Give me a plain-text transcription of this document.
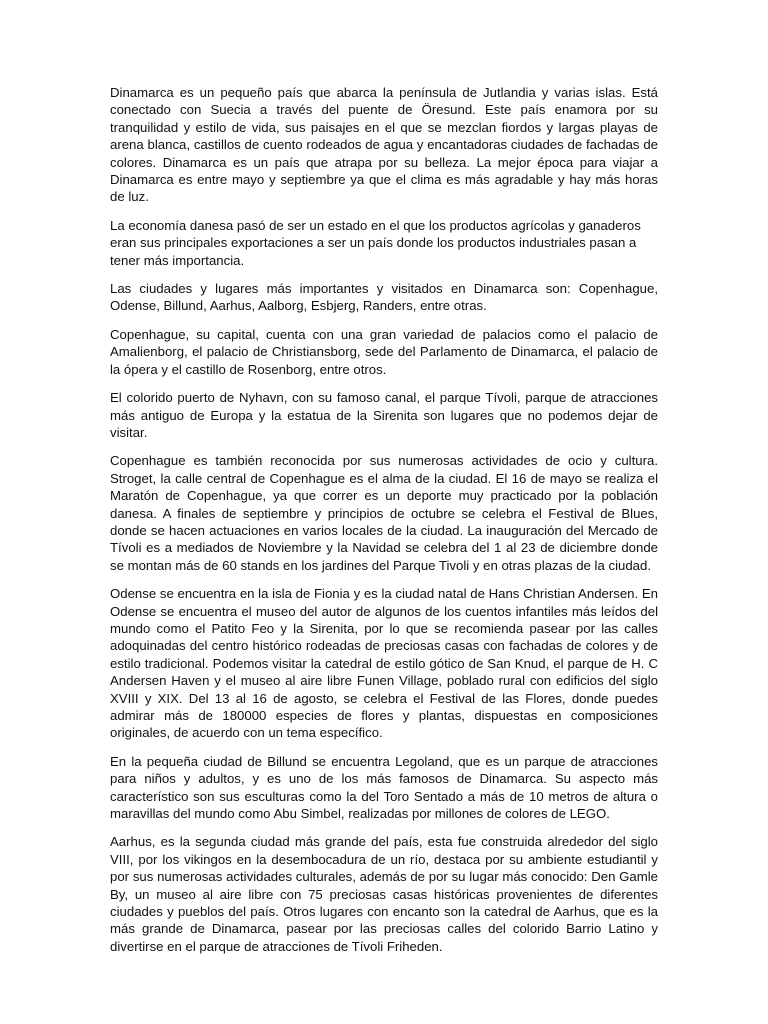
Dinamarca es un pequeño país que abarca la península de Jutlandia y varias islas. Está conectado con Suecia a través del puente de Öresund. Este país enamora por su tranquilidad y estilo de vida, sus paisajes en el que se mezclan fiordos y largas playas de arena blanca, castillos de cuento rodeados de agua y encantadoras ciudades de fachadas de colores. Dinamarca es un país que atrapa por su belleza. La mejor época para viajar a Dinamarca es entre mayo y septiembre ya que el clima es más agradable y hay más horas de luz.

La economía danesa pasó de ser un estado en el que los productos agrícolas y ganaderos eran sus principales exportaciones a ser un país donde los productos industriales pasan a tener más importancia.

Las ciudades y lugares más importantes y visitados en Dinamarca son: Copenhague, Odense, Billund, Aarhus, Aalborg, Esbjerg, Randers, entre otras.

Copenhague, su capital, cuenta con una gran variedad de palacios como el palacio de Amalienborg, el palacio de Christiansborg, sede del Parlamento de Dinamarca, el palacio de la ópera y el castillo de Rosenborg, entre otros.

El colorido puerto de Nyhavn, con su famoso canal, el parque Tívoli, parque de atracciones más antiguo de Europa y la estatua de la Sirenita son lugares que no podemos dejar de visitar.

Copenhague es también reconocida por sus numerosas actividades de ocio y cultura. Stroget, la calle central de Copenhague es el alma de la ciudad. El 16 de mayo se realiza el Maratón de Copenhague, ya que correr es un deporte muy practicado por la población danesa. A finales de septiembre y principios de octubre se celebra el Festival de Blues, donde se hacen actuaciones en varios locales de la ciudad. La inauguración del Mercado de Tívoli es a mediados de Noviembre y la Navidad se celebra del 1 al 23 de diciembre donde se montan más de 60 stands en los jardines del Parque Tivoli y en otras plazas de la ciudad.

Odense se encuentra en la isla de Fionia y es la ciudad natal de Hans Christian Andersen. En Odense se encuentra el museo del autor de algunos de los cuentos infantiles más leídos del mundo como el Patito Feo y la Sirenita, por lo que se recomienda pasear por las calles adoquinadas del centro histórico rodeadas de preciosas casas con fachadas de colores y de estilo tradicional. Podemos visitar la catedral de estilo gótico de San Knud, el parque de H. C Andersen Haven y el museo al aire libre Funen Village, poblado rural con edificios del siglo XVIII y XIX. Del 13 al 16 de agosto, se celebra el Festival de las Flores, donde puedes admirar más de 180000 especies de flores y plantas, dispuestas en composiciones originales, de acuerdo con un tema específico.

En la pequeña ciudad de Billund se encuentra Legoland, que es un parque de atracciones para niños y adultos, y es uno de los más famosos de Dinamarca. Su aspecto más característico son sus esculturas como la del Toro Sentado a más de 10 metros de altura o maravillas del mundo como Abu Simbel, realizadas por millones de colores de LEGO.

Aarhus, es la segunda ciudad más grande del país, esta fue construida alrededor del siglo VIII, por los vikingos en la desembocadura de un río, destaca por su ambiente estudiantil y por sus numerosas actividades culturales, además de por su lugar más conocido: Den Gamle By, un museo al aire libre con 75 preciosas casas históricas provenientes de diferentes ciudades y pueblos del país. Otros lugares con encanto son la catedral de Aarhus, que es la más grande de Dinamarca, pasear por las preciosas calles del colorido Barrio Latino y divertirse en el parque de atracciones de Tívoli Friheden.
